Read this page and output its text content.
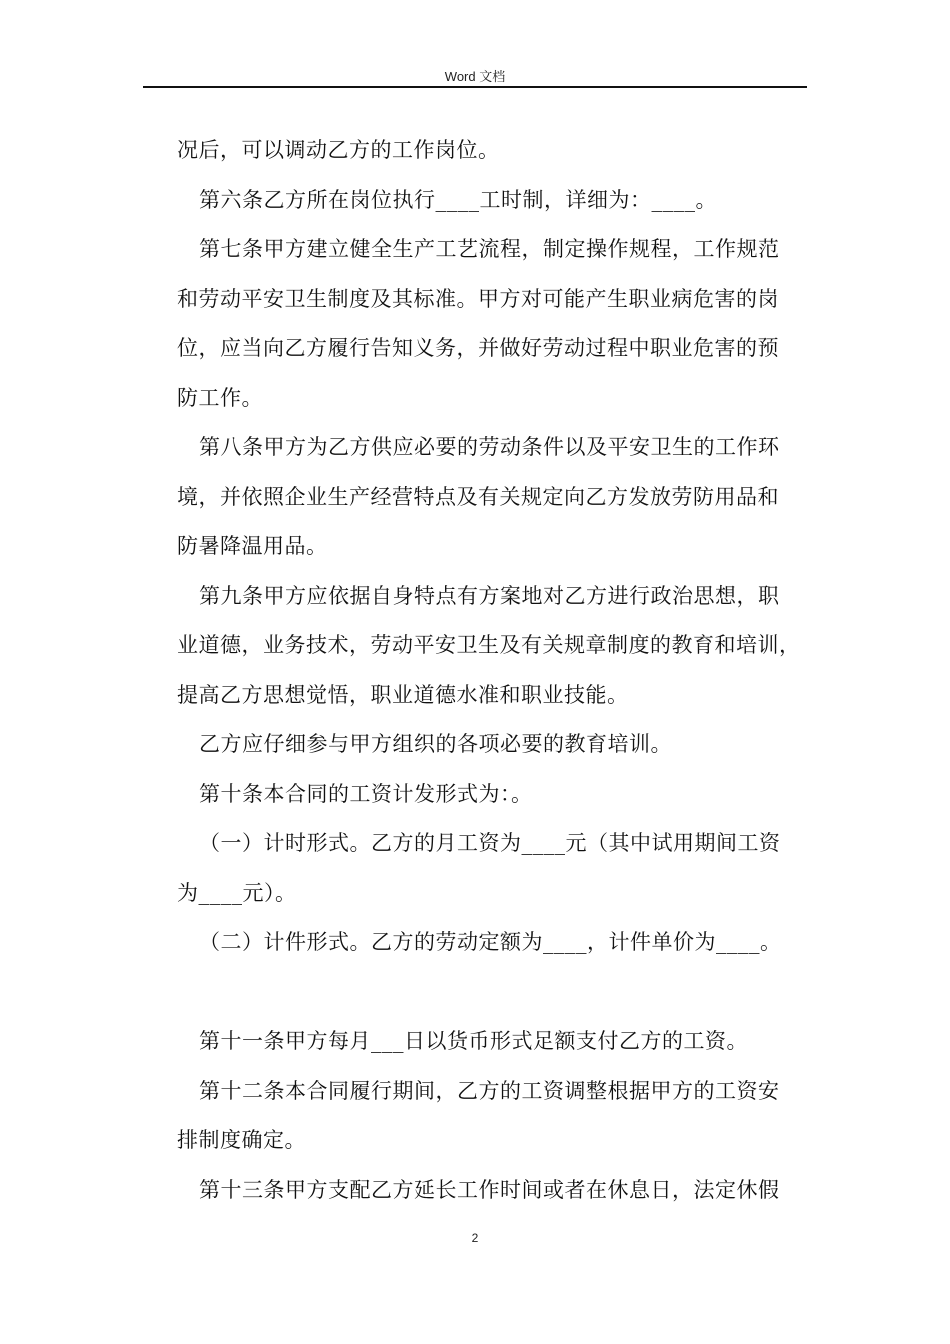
Word 文档
况后，可以调动乙方的工作岗位。
第六条乙方所在岗位执行____工时制，详细为：____。
第七条甲方建立健全生产工艺流程，制定操作规程，工作规范
和劳动平安卫生制度及其标准。甲方对可能产生职业病危害的岗
位，应当向乙方履行告知义务，并做好劳动过程中职业危害的预
防工作。
第八条甲方为乙方供应必要的劳动条件以及平安卫生的工作环
境，并依照企业生产经营特点及有关规定向乙方发放劳防用品和
防暑降温用品。
第九条甲方应依据自身特点有方案地对乙方进行政治思想，职
业道德，业务技术，劳动平安卫生及有关规章制度的教育和培训，
提高乙方思想觉悟，职业道德水准和职业技能。
乙方应仔细参与甲方组织的各项必要的教育培训。
第十条本合同的工资计发形式为：。
（一）计时形式。乙方的月工资为____元（其中试用期间工资
为____元）。
（二）计件形式。乙方的劳动定额为____，计件单价为____。
第十一条甲方每月___日以货币形式足额支付乙方的工资。
第十二条本合同履行期间，乙方的工资调整根据甲方的工资安
排制度确定。
第十三条甲方支配乙方延长工作时间或者在休息日，法定休假
2
